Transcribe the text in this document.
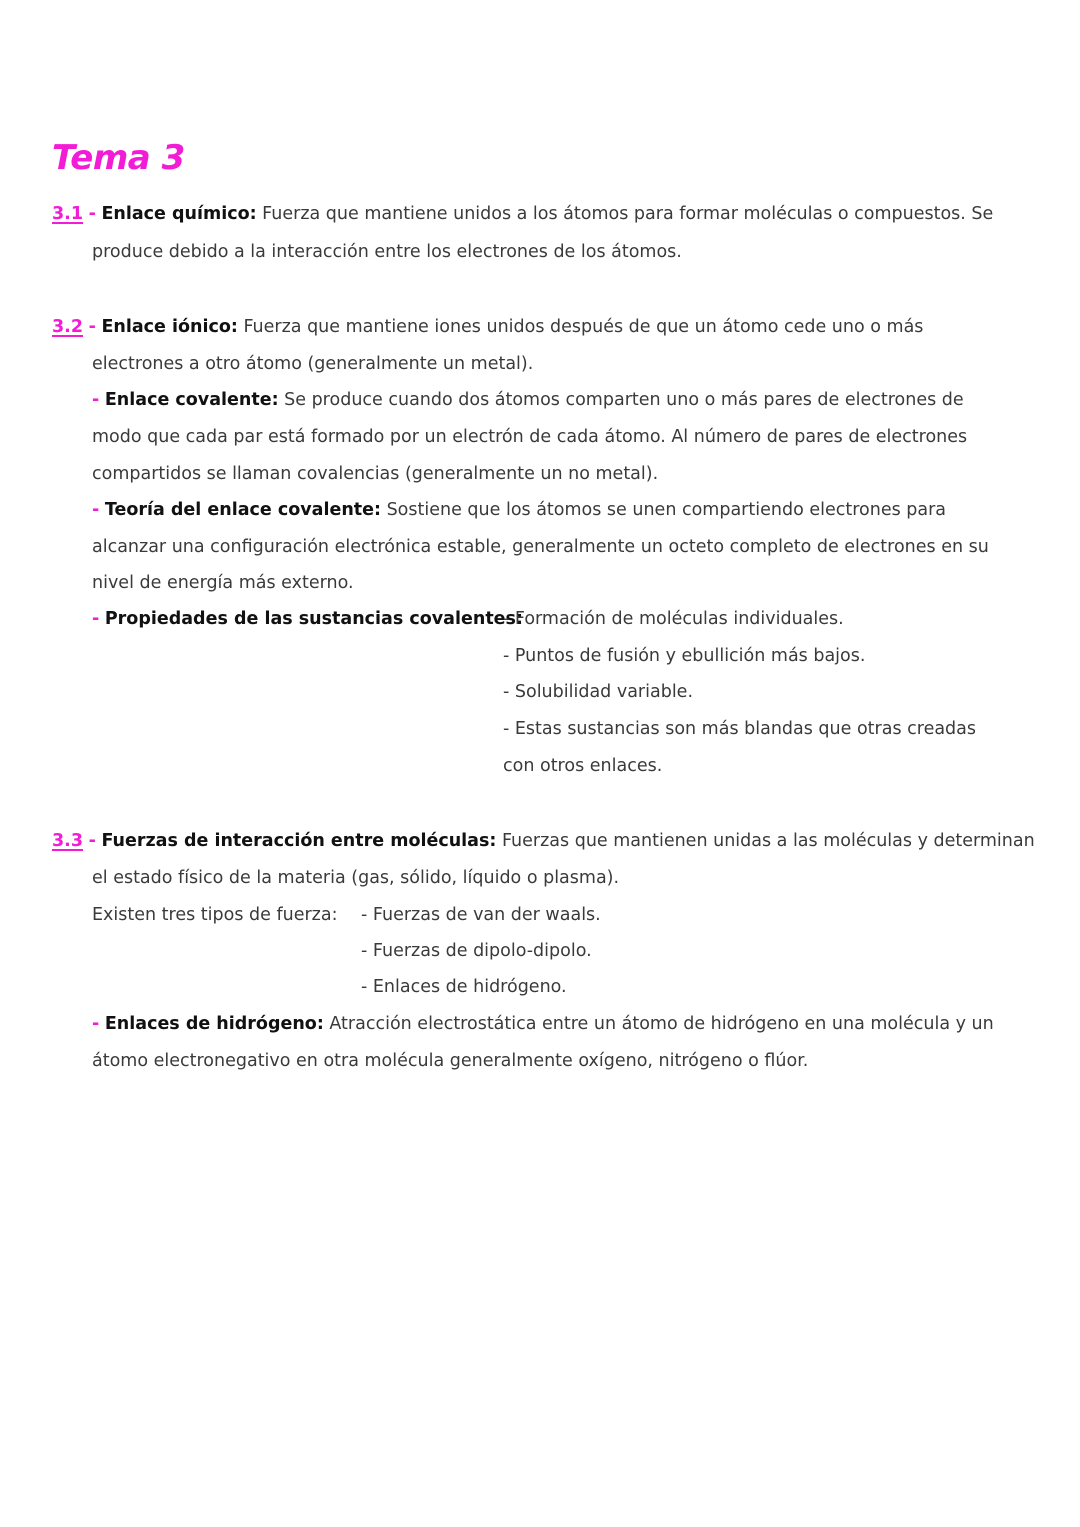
Tema 3
3.1 - Enlace químico: Fuerza que mantiene unidos a los átomos para formar moléculas o compuestos. Se
produce debido a la interacción entre los electrones de los átomos.
3.2 - Enlace iónico: Fuerza que mantiene iones unidos después de que un átomo cede uno o más
electrones a otro átomo (generalmente un metal).
- Enlace covalente: Se produce cuando dos átomos comparten uno o más pares de electrones de
modo que cada par está formado por un electrón de cada átomo. Al número de pares de electrones
compartidos se llaman covalencias (generalmente un no metal).
- Teoría del enlace covalente: Sostiene que los átomos se unen compartiendo electrones para
alcanzar una configuración electrónica estable, generalmente un octeto completo de electrones en su
nivel de energía más externo.
- Propiedades de las sustancias covalentes:
- Formación de moléculas individuales.
- Puntos de fusión y ebullición más bajos.
- Solubilidad variable.
- Estas sustancias son más blandas que otras creadas
con otros enlaces.
3.3 - Fuerzas de interacción entre moléculas: Fuerzas que mantienen unidas a las moléculas y determinan
el estado físico de la materia (gas, sólido, líquido o plasma).
Existen tres tipos de fuerza: - Fuerzas de van der waals.
- Fuerzas de dipolo-dipolo.
- Enlaces de hidrógeno.
- Enlaces de hidrógeno: Atracción electrostática entre un átomo de hidrógeno en una molécula y un
átomo electronegativo en otra molécula generalmente oxígeno, nitrógeno o flúor.
